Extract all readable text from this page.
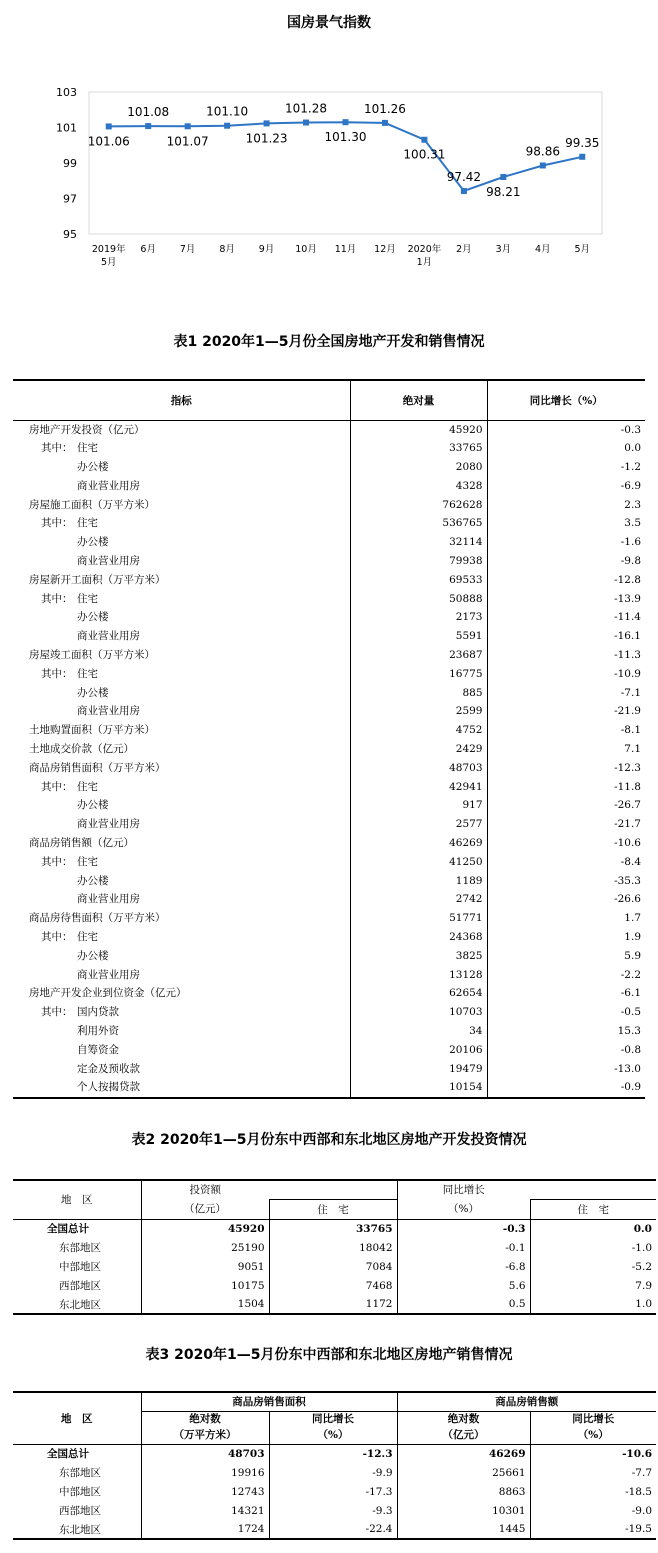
国房景气指数
95
97
99
101
103
2019年
5月
6月	7月	8月	9月 10月 11月 12月 2020年
1月
2月	3月	4月	5月
101.06
101.08
101.07
101.10
101.23
101.28
101.30
101.26
100.31
97.42
98.21
98.86
99.35
表1 2020年1—5月份全国房地产开发和销售情况
指标	绝对量	同比增长（%）
房地产开发投资（亿元）	45920	-0.3
其中： 住宅	33765	0.0
办公楼	2080	-1.2
商业营业用房	4328	-6.9
房屋施工面积（万平方米）	762628	2.3
其中： 住宅	536765	3.5
办公楼	32114	-1.6
商业营业用房	79938	-9.8
房屋新开工面积（万平方米）	69533	-12.8
其中： 住宅	50888	-13.9
办公楼	2173	-11.4
商业营业用房	5591	-16.1
房屋竣工面积（万平方米）	23687	-11.3
其中： 住宅	16775	-10.9
办公楼	885	-7.1
商业营业用房	2599	-21.9
土地购置面积（万平方米）	4752	-8.1
土地成交价款（亿元）	2429	7.1
商品房销售面积（万平方米）	48703	-12.3
其中： 住宅	42941	-11.8
办公楼	917	-26.7
商业营业用房	2577	-21.7
商品房销售额（亿元）	46269	-10.6
其中： 住宅	41250	-8.4
办公楼	1189	-35.3
商业营业用房	2742	-26.6
商品房待售面积（万平方米）	51771	1.7
其中： 住宅	24368	1.9
办公楼	3825	5.9
商业营业用房	13128	-2.2
房地产开发企业到位资金（亿元）	62654	-6.1
其中： 国内贷款	10703	-0.5
利用外资	34	15.3
自筹资金	20106	-0.8
定金及预收款	19479	-13.0
个人按揭贷款	10154	-0.9
表2 2020年1—5月份东中西部和东北地区房地产开发投资情况
地　区	投资额		同比增长	
	（亿元）	住　宅	（%）	住　宅
全国总计	45920	33765	-0.3	0.0
东部地区	25190	18042	-0.1	-1.0
中部地区	9051	7084	-6.8	-5.2
西部地区	10175	7468	5.6	7.9
东北地区	1504	1172	0.5	1.0
表3 2020年1—5月份东中西部和东北地区房地产销售情况
地　区	商品房销售面积		商品房销售额	
	绝对数	同比增长	绝对数	同比增长
	（万平方米）	（%）	（亿元）	（%）
全国总计	48703	-12.3	46269	-10.6
东部地区	19916	-9.9	25661	-7.7
中部地区	12743	-17.3	8863	-18.5
西部地区	14321	-9.3	10301	-9.0
东北地区	1724	-22.4	1445	-19.5
